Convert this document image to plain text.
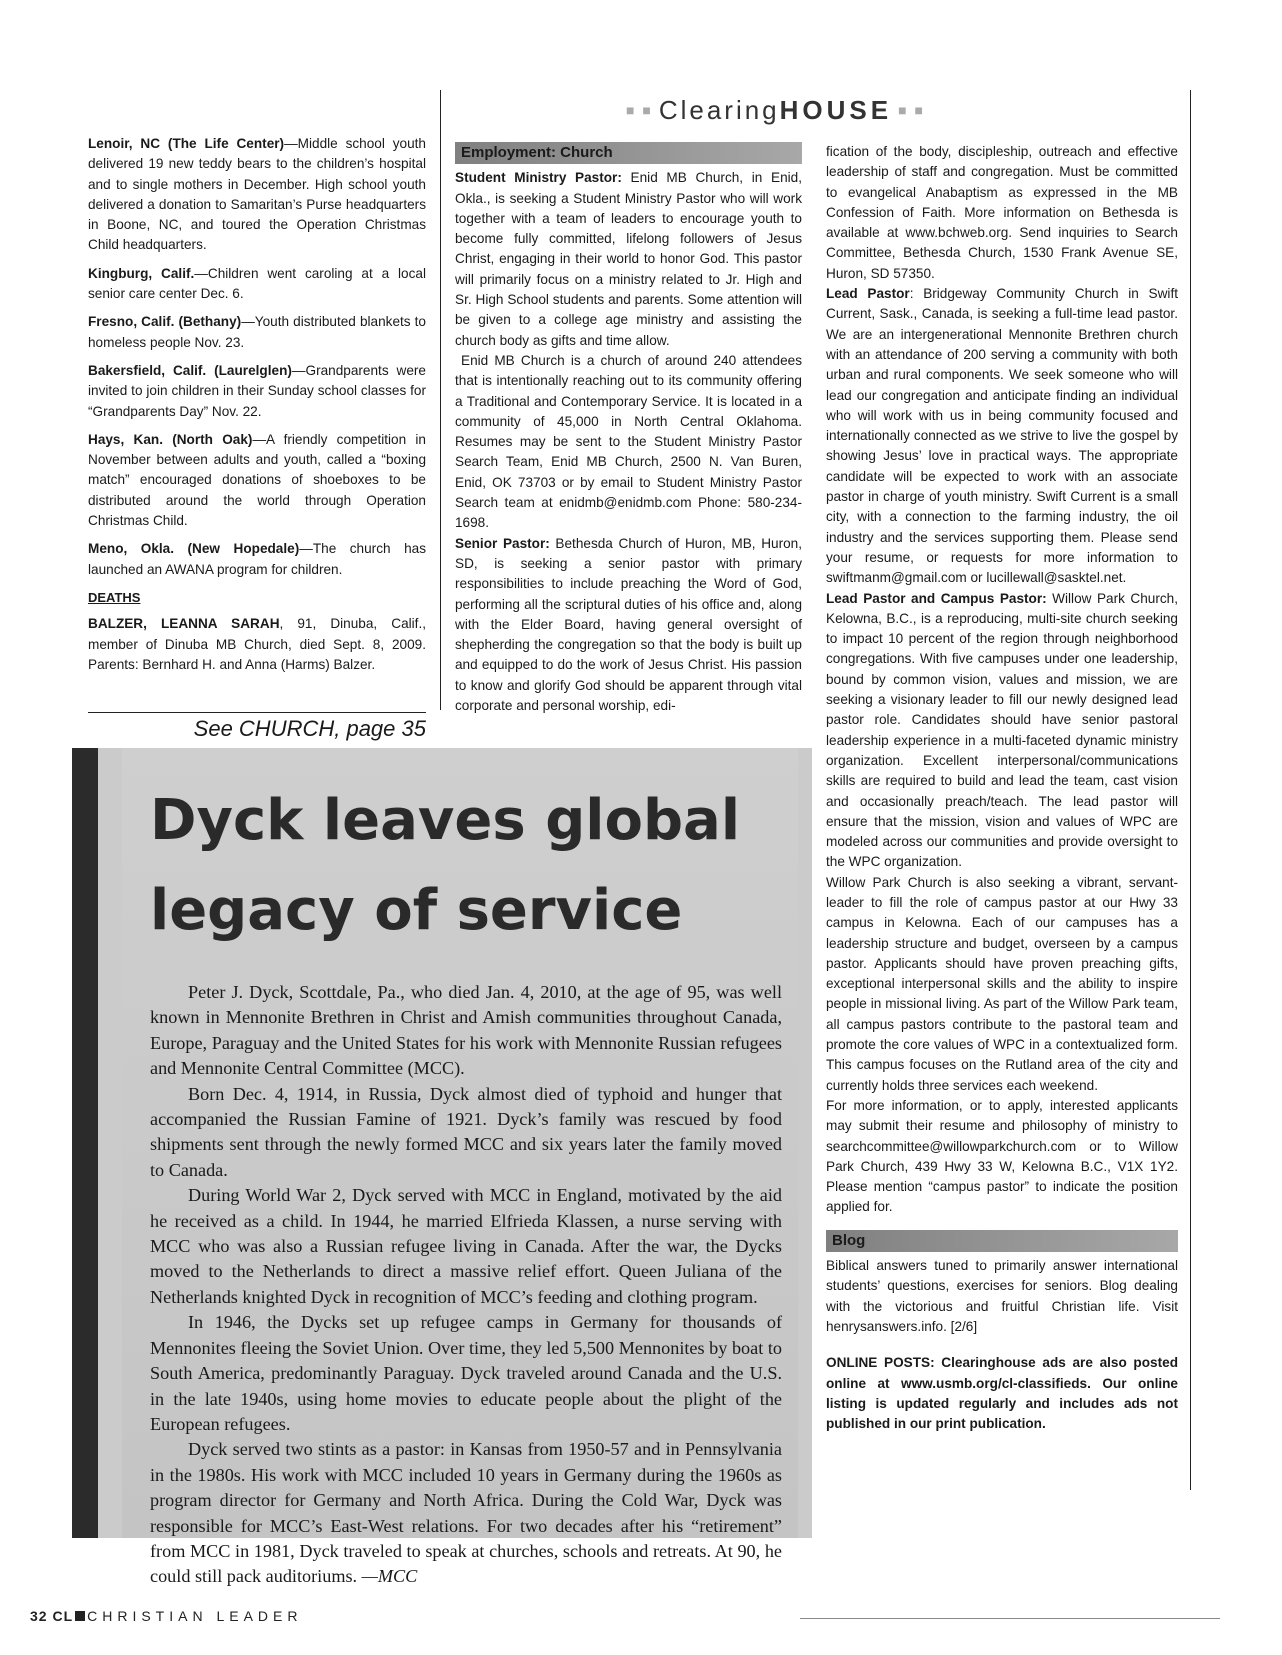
■ ■ Clearing HOUSE ■ ■

Lenoir, NC (The Life Center)—Middle school youth delivered 19 new teddy bears to the children’s hospital and to single mothers in December. High school youth delivered a donation to Samaritan’s Purse headquarters in Boone, NC, and toured the Operation Christmas Child headquarters.

Kingburg, Calif.—Children went caroling at a local senior care center Dec. 6.

Fresno, Calif. (Bethany)—Youth distributed blankets to homeless people Nov. 23.

Bakersfield, Calif. (Laurelglen)—Grandparents were invited to join children in their Sunday school classes for “Grandparents Day” Nov. 22.

Hays, Kan. (North Oak)—A friendly competition in November between adults and youth, called a “boxing match” encouraged donations of shoeboxes to be distributed around the world through Operation Christmas Child.

Meno, Okla. (New Hopedale)—The church has launched an AWANA program for children.

DEATHS

BALZER, LEANNA SARAH, 91, Dinuba, Calif., member of Dinuba MB Church, died Sept. 8, 2009. Parents: Bernhard H. and Anna (Harms) Balzer.

See CHURCH, page 35
Employment: Church

Student Ministry Pastor: Enid MB Church, in Enid, Okla., is seeking a Student Ministry Pastor who will work together with a team of leaders to encourage youth to become fully committed, lifelong followers of Jesus Christ, engaging in their world to honor God. This pastor will primarily focus on a ministry related to Jr. High and Sr. High School students and parents. Some attention will be given to a college age ministry and assisting the church body as gifts and time allow.

Enid MB Church is a church of around 240 attendees that is intentionally reaching out to its community offering a Traditional and Contemporary Service. It is located in a community of 45,000 in North Central Oklahoma. Resumes may be sent to the Student Ministry Pastor Search Team, Enid MB Church, 2500 N. Van Buren, Enid, OK 73703 or by email to Student Ministry Pastor Search team at enidmb@enidmb.com Phone: 580-234-1698.

Senior Pastor: Bethesda Church of Huron, MB, Huron, SD, is seeking a senior pastor with primary responsibilities to include preaching the Word of God, performing all the scriptural duties of his office and, along with the Elder Board, having general oversight of shepherding the congregation so that the body is built up and equipped to do the work of Jesus Christ. His passion to know and glorify God should be apparent through vital corporate and personal worship, edi-

fication of the body, discipleship, outreach and effective leadership of staff and congregation. Must be committed to evangelical Anabaptism as expressed in the MB Confession of Faith. More information on Bethesda is available at www.bchweb.org. Send inquiries to Search Committee, Bethesda Church, 1530 Frank Avenue SE, Huron, SD 57350.

Lead Pastor: Bridgeway Community Church in Swift Current, Sask., Canada, is seeking a full-time lead pastor. We are an intergenerational Mennonite Brethren church with an attendance of 200 serving a community with both urban and rural components. We seek someone who will lead our congregation and anticipate finding an individual who will work with us in being community focused and internationally connected as we strive to live the gospel by showing Jesus’ love in practical ways. The appropriate candidate will be expected to work with an associate pastor in charge of youth ministry. Swift Current is a small city, with a connection to the farming industry, the oil industry and the services supporting them. Please send your resume, or requests for more information to swiftmanm@gmail.com or lucillewall@sasktel.net.

Lead Pastor and Campus Pastor: Willow Park Church, Kelowna, B.C., is a reproducing, multi-site church seeking to impact 10 percent of the region through neighborhood congregations. With five campuses under one leadership, bound by common vision, values and mission, we are seeking a visionary leader to fill our newly designed lead pastor role. Candidates should have senior pastoral leadership experience in a multi-faceted dynamic ministry organization. Excellent interpersonal/communications skills are required to build and lead the team, cast vision and occasionally preach/teach. The lead pastor will ensure that the mission, vision and values of WPC are modeled across our communities and provide oversight to the WPC organization.

Willow Park Church is also seeking a vibrant, servant-leader to fill the role of campus pastor at our Hwy 33 campus in Kelowna. Each of our campuses has a leadership structure and budget, overseen by a campus pastor. Applicants should have proven preaching gifts, exceptional interpersonal skills and the ability to inspire people in missional living. As part of the Willow Park team, all campus pastors contribute to the pastoral team and promote the core values of WPC in a contextualized form. This campus focuses on the Rutland area of the city and currently holds three services each weekend.

For more information, or to apply, interested applicants may submit their resume and philosophy of ministry to searchcommittee@willowparkchurch.com or to Willow Park Church, 439 Hwy 33 W, Kelowna B.C., V1X 1Y2. Please mention “campus pastor” to indicate the position applied for.

Blog

Biblical answers tuned to primarily answer international students’ questions, exercises for seniors. Blog dealing with the victorious and fruitful Christian life. Visit henrysanswers.info. [2/6]

ONLINE POSTS: Clearinghouse ads are also posted online at www.usmb.org/cl-classifieds. Our online listing is updated regularly and includes ads not published in our print publication.

Dyck leaves global
legacy of service

Peter J. Dyck, Scottdale, Pa., who died Jan. 4, 2010, at the age of 95, was well known in Mennonite Brethren in Christ and Amish communities throughout Canada, Europe, Paraguay and the United States for his work with Mennonite Russian refugees and Mennonite Central Committee (MCC).

Born Dec. 4, 1914, in Russia, Dyck almost died of typhoid and hunger that accompanied the Russian Famine of 1921. Dyck’s family was rescued by food shipments sent through the newly formed MCC and six years later the family moved to Canada.

During World War 2, Dyck served with MCC in England, motivated by the aid he received as a child. In 1944, he married Elfrieda Klassen, a nurse serving with MCC who was also a Russian refugee living in Canada. After the war, the Dycks moved to the Netherlands to direct a massive relief effort. Queen Juliana of the Netherlands knighted Dyck in recognition of MCC’s feeding and clothing program.

In 1946, the Dycks set up refugee camps in Germany for thousands of Mennonites fleeing the Soviet Union. Over time, they led 5,500 Mennonites by boat to South America, predominantly Paraguay. Dyck traveled around Canada and the U.S. in the late 1940s, using home movies to educate people about the plight of the European refugees.

Dyck served two stints as a pastor: in Kansas from 1950-57 and in Pennsylvania in the 1980s. His work with MCC included 10 years in Germany during the 1960s as program director for Germany and North Africa. During the Cold War, Dyck was responsible for MCC’s East-West relations. For two decades after his “retirement” from MCC in 1981, Dyck traveled to speak at churches, schools and retreats. At 90, he could still pack auditoriums. —MCC

32 CL CHRISTIAN LEADER
